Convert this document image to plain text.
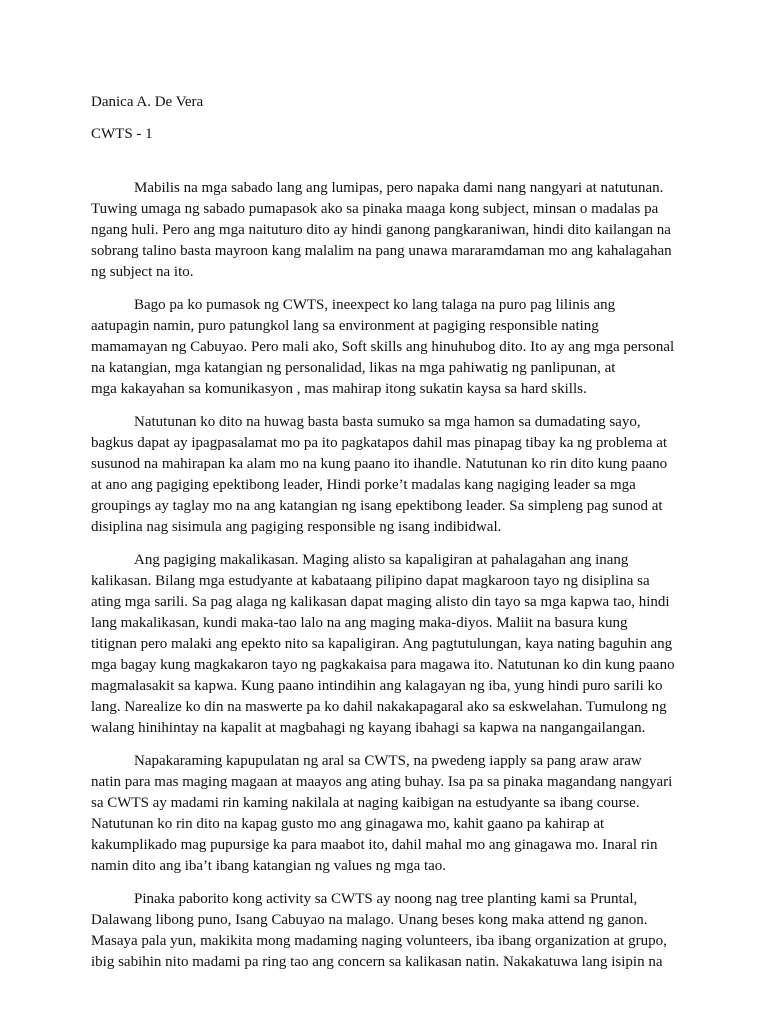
Danica A. De Vera

CWTS - 1

Mabilis na mga sabado lang ang lumipas, pero napaka dami nang nangyari at natutunan.
Tuwing umaga ng sabado pumapasok ako sa pinaka maaga kong subject, minsan o madalas pa
ngang huli. Pero ang mga naituturo dito ay hindi ganong pangkaraniwan, hindi dito kailangan na
sobrang talino basta mayroon kang malalim na pang unawa mararamdaman mo ang kahalagahan
ng subject na ito.

Bago pa ko pumasok ng CWTS, ineexpect ko lang talaga na puro pag lilinis ang
aatupagin namin, puro patungkol lang sa environment at pagiging responsible nating
mamamayan ng Cabuyao. Pero mali ako, Soft skills ang hinuhubog dito. Ito ay ang mga personal
na katangian, mga katangian ng personalidad, likas na mga pahiwatig ng panlipunan, at
mga kakayahan sa komunikasyon , mas mahirap itong sukatin kaysa sa hard skills.

Natutunan ko dito na huwag basta basta sumuko sa mga hamon sa dumadating sayo,
bagkus dapat ay ipagpasalamat mo pa ito pagkatapos dahil mas pinapag tibay ka ng problema at
susunod na mahirapan ka alam mo na kung paano ito ihandle. Natutunan ko rin dito kung paano
at ano ang pagiging epektibong leader, Hindi porke’t madalas kang nagiging leader sa mga
groupings ay taglay mo na ang katangian ng isang epektibong leader. Sa simpleng pag sunod at
disiplina nag sisimula ang pagiging responsible ng isang indibidwal.

Ang pagiging makalikasan. Maging alisto sa kapaligiran at pahalagahan ang inang
kalikasan. Bilang mga estudyante at kabataang pilipino dapat magkaroon tayo ng disiplina sa
ating mga sarili. Sa pag alaga ng kalikasan dapat maging alisto din tayo sa mga kapwa tao, hindi
lang makalikasan, kundi maka-tao lalo na ang maging maka-diyos. Maliit na basura kung
titignan pero malaki ang epekto nito sa kapaligiran. Ang pagtutulungan, kaya nating baguhin ang
mga bagay kung magkakaron tayo ng pagkakaisa para magawa ito. Natutunan ko din kung paano
magmalasakit sa kapwa. Kung paano intindihin ang kalagayan ng iba, yung hindi puro sarili ko
lang. Narealize ko din na maswerte pa ko dahil nakakapagaral ako sa eskwelahan. Tumulong ng
walang hinihintay na kapalit at magbahagi ng kayang ibahagi sa kapwa na nangangailangan.

Napakaraming kapupulatan ng aral sa CWTS, na pwedeng iapply sa pang araw araw
natin para mas maging magaan at maayos ang ating buhay. Isa pa sa pinaka magandang nangyari
sa CWTS ay madami rin kaming nakilala at naging kaibigan na estudyante sa ibang course.
Natutunan ko rin dito na kapag gusto mo ang ginagawa mo, kahit gaano pa kahirap at
kakumplikado mag pupursige ka para maabot ito, dahil mahal mo ang ginagawa mo. Inaral rin
namin dito ang iba’t ibang katangian ng values ng mga tao.

Pinaka paborito kong activity sa CWTS ay noong nag tree planting kami sa Pruntal,
Dalawang libong puno, Isang Cabuyao na malago. Unang beses kong maka attend ng ganon.
Masaya pala yun, makikita mong madaming naging volunteers, iba ibang organization at grupo,
ibig sabihin nito madami pa ring tao ang concern sa kalikasan natin. Nakakatuwa lang isipin na
